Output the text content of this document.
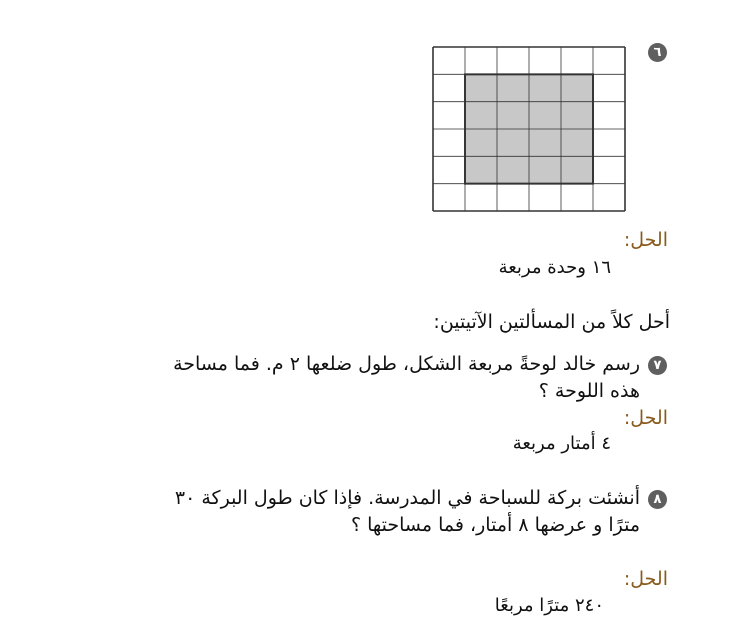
٦
الحل:
١٦ وحدة مربعة
أحل كلاً من المسألتين الآتيتين:
٧
رسم خالد لوحةً مربعة الشكل، طول ضلعها ٢ م. فما مساحة
هذه اللوحة ؟
الحل:
٤ أمتار مربعة
٨
أنشئت بركة للسباحة في المدرسة. فإذا كان طول البركة ٣٠
مترًا و عرضها ٨ أمتار، فما مساحتها ؟
الحل:
٢٤٠ مترًا مربعًا
